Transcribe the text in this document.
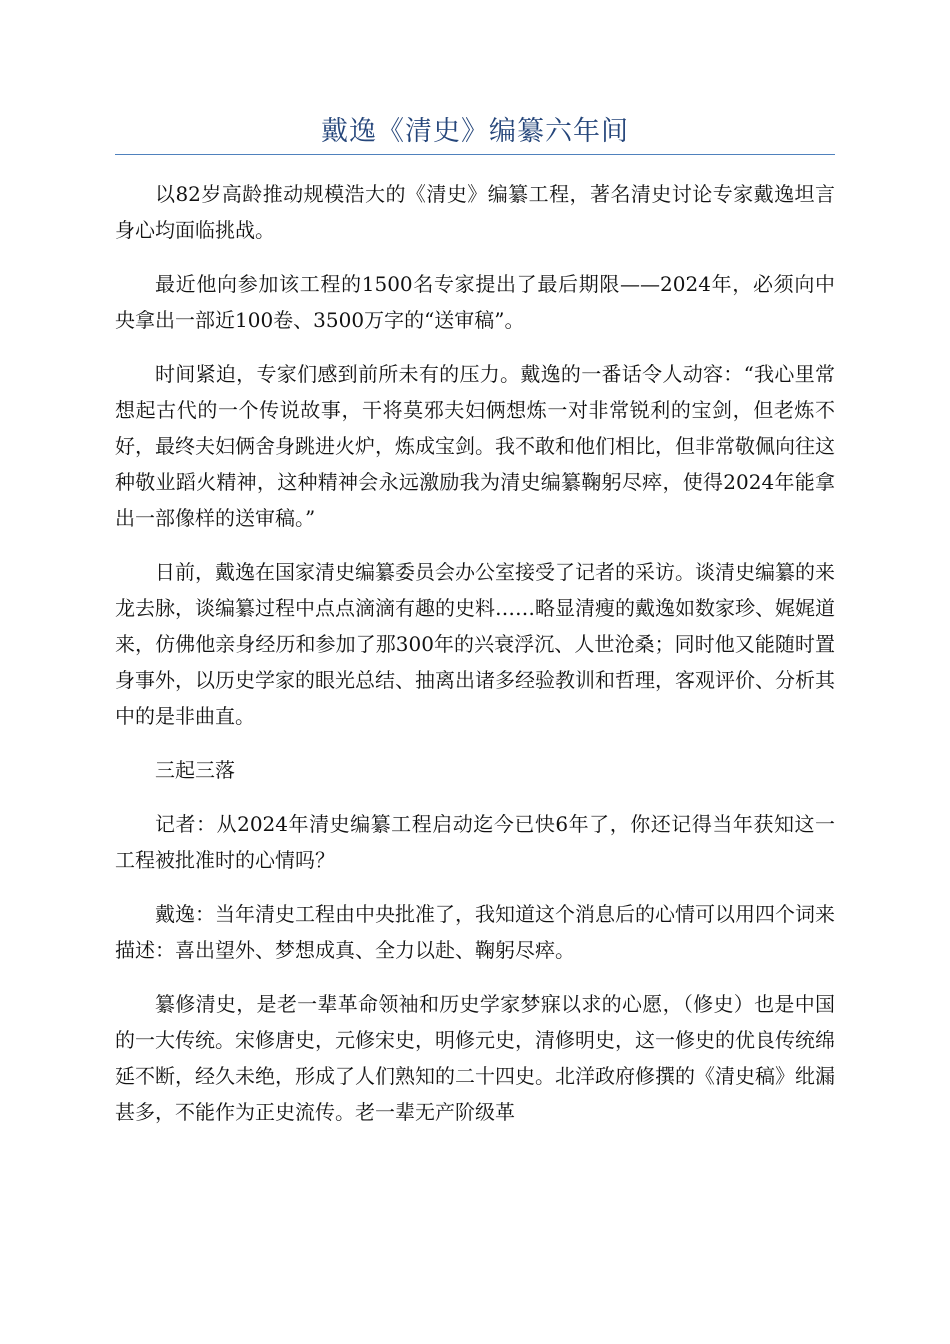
戴逸《清史》编纂六年间

以82岁高龄推动规模浩大的《清史》编纂工程，著名清史讨论专家戴逸坦言身心均面临挑战。

最近他向参加该工程的1500名专家提出了最后期限——2024年，必须向中央拿出一部近100卷、3500万字的“送审稿”。

时间紧迫，专家们感到前所未有的压力。戴逸的一番话令人动容：“我心里常想起古代的一个传说故事，干将莫邪夫妇俩想炼一对非常锐利的宝剑，但老炼不好，最终夫妇俩舍身跳进火炉，炼成宝剑。我不敢和他们相比，但非常敬佩向往这种敬业蹈火精神，这种精神会永远激励我为清史编纂鞠躬尽瘁，使得2024年能拿出一部像样的送审稿。”

日前，戴逸在国家清史编纂委员会办公室接受了记者的采访。谈清史编纂的来龙去脉，谈编纂过程中点点滴滴有趣的史料……略显清瘦的戴逸如数家珍、娓娓道来，仿佛他亲身经历和参加了那300年的兴衰浮沉、人世沧桑；同时他又能随时置身事外，以历史学家的眼光总结、抽离出诸多经验教训和哲理，客观评价、分析其中的是非曲直。

三起三落

记者：从2024年清史编纂工程启动迄今已快6年了，你还记得当年获知这一工程被批准时的心情吗？

戴逸：当年清史工程由中央批准了，我知道这个消息后的心情可以用四个词来描述：喜出望外、梦想成真、全力以赴、鞠躬尽瘁。

纂修清史，是老一辈革命领袖和历史学家梦寐以求的心愿，（修史）也是中国的一大传统。宋修唐史，元修宋史，明修元史，清修明史，这一修史的优良传统绵延不断，经久未绝，形成了人们熟知的二十四史。北洋政府修撰的《清史稿》纰漏甚多，不能作为正史流传。老一辈无产阶级革
